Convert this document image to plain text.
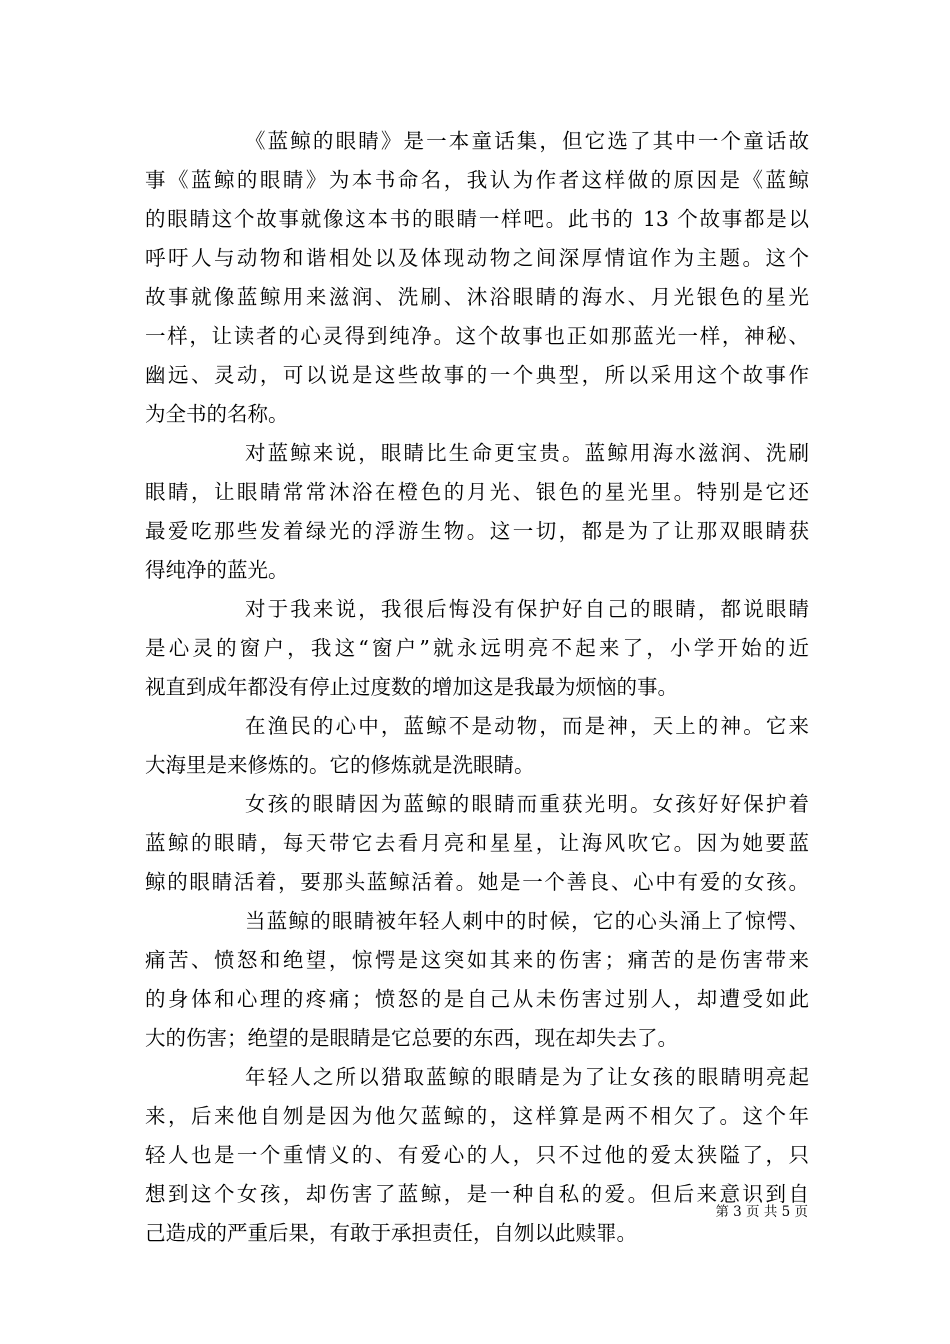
《蓝鲸的眼睛》是一本童话集，但它选了其中一个童话故
事《蓝鲸的眼睛》为本书命名，我认为作者这样做的原因是《蓝鲸
的眼睛这个故事就像这本书的眼睛一样吧。此书的 13 个故事都是以
呼吁人与动物和谐相处以及体现动物之间深厚情谊作为主题。这个
故事就像蓝鲸用来滋润、洗刷、沐浴眼睛的海水、月光银色的星光
一样，让读者的心灵得到纯净。这个故事也正如那蓝光一样，神秘、
幽远、灵动，可以说是这些故事的一个典型，所以采用这个故事作
为全书的名称。
对蓝鲸来说，眼睛比生命更宝贵。蓝鲸用海水滋润、洗刷
眼睛，让眼睛常常沐浴在橙色的月光、银色的星光里。特别是它还
最爱吃那些发着绿光的浮游生物。这一切，都是为了让那双眼睛获
得纯净的蓝光。
对于我来说，我很后悔没有保护好自己的眼睛，都说眼睛
是心灵的窗户，我这“窗户”就永远明亮不起来了，小学开始的近
视直到成年都没有停止过度数的增加这是我最为烦恼的事。
在渔民的心中，蓝鲸不是动物，而是神，天上的神。它来
大海里是来修炼的。它的修炼就是洗眼睛。
女孩的眼睛因为蓝鲸的眼睛而重获光明。女孩好好保护着
蓝鲸的眼睛，每天带它去看月亮和星星，让海风吹它。因为她要蓝
鲸的眼睛活着，要那头蓝鲸活着。她是一个善良、心中有爱的女孩。
当蓝鲸的眼睛被年轻人刺中的时候，它的心头涌上了惊愕、
痛苦、愤怒和绝望，惊愕是这突如其来的伤害；痛苦的是伤害带来
的身体和心理的疼痛；愤怒的是自己从未伤害过别人，却遭受如此
大的伤害；绝望的是眼睛是它总要的东西，现在却失去了。
年轻人之所以猎取蓝鲸的眼睛是为了让女孩的眼睛明亮起
来，后来他自刎是因为他欠蓝鲸的，这样算是两不相欠了。这个年
轻人也是一个重情义的、有爱心的人，只不过他的爱太狭隘了，只
想到这个女孩，却伤害了蓝鲸，是一种自私的爱。但后来意识到自
己造成的严重后果，有敢于承担责任，自刎以此赎罪。
第 3 页 共 5 页
